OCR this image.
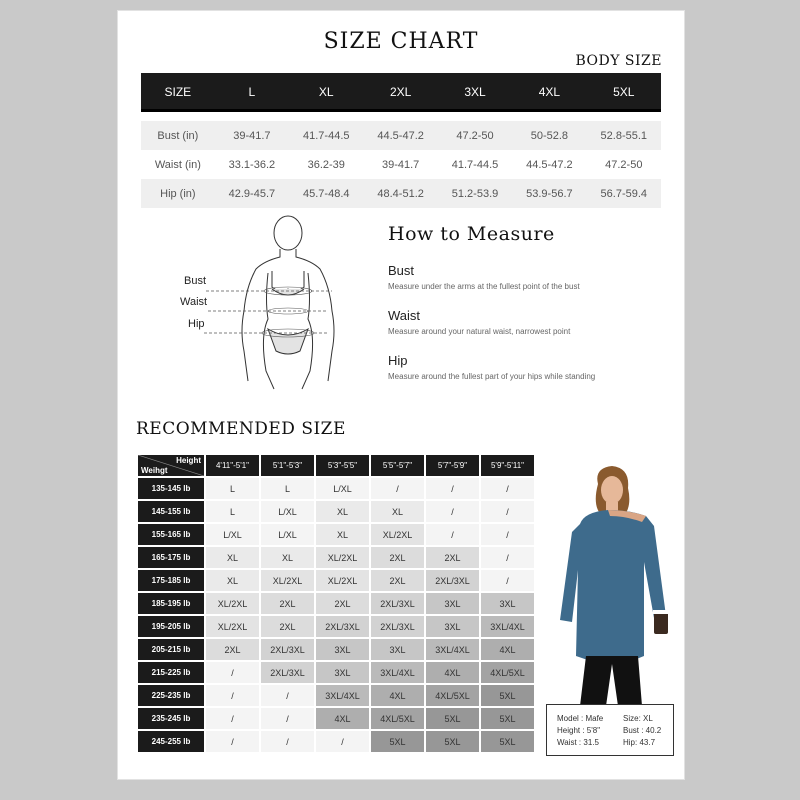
SIZE CHART
BODY SIZE
SIZE	L	XL	2XL	3XL	4XL	5XL

Bust (in)	39-41.7	41.7-44.5	44.5-47.2	47.2-50	50-52.8	52.8-55.1
Waist (in)	33.1-36.2	36.2-39	39-41.7	41.7-44.5	44.5-47.2	47.2-50
Hip (in)	42.9-45.7	45.7-48.4	48.4-51.2	51.2-53.9	53.9-56.7	56.7-59.4
Bust
Waist
Hip
How to Measure
Bust
Measure under the arms at the fullest point of the bust
Waist
Measure around your natural waist, narrowest point
Hip
Measure around the fullest part of your hips while standing
RECOMMENDED SIZE
Height
Weihgt	4'11"-5'1"	5'1"-5'3"	5'3"-5'5"	5'5"-5'7"	5'7"-5'9"	5'9"-5'11"
135-145 lb	L	L	L/XL	/	/	/
145-155 lb	L	L/XL	XL	XL	/	/
155-165 lb	L/XL	L/XL	XL	XL/2XL	/	/
165-175 lb	XL	XL	XL/2XL	2XL	2XL	/
175-185 lb	XL	XL/2XL	XL/2XL	2XL	2XL/3XL	/
185-195 lb	XL/2XL	2XL	2XL	2XL/3XL	3XL	3XL
195-205 lb	XL/2XL	2XL	2XL/3XL	2XL/3XL	3XL	3XL/4XL
205-215 lb	2XL	2XL/3XL	3XL	3XL	3XL/4XL	4XL
215-225 lb	/	2XL/3XL	3XL	3XL/4XL	4XL	4XL/5XL
225-235 lb	/	/	3XL/4XL	4XL	4XL/5XL	5XL
235-245 lb	/	/	4XL	4XL/5XL	5XL	5XL
245-255 lb	/	/	/	5XL	5XL	5XL
Model : Mafe
Height : 5'8"
Waist : 31.5
Size: XL
Bust : 40.2
Hip: 43.7
